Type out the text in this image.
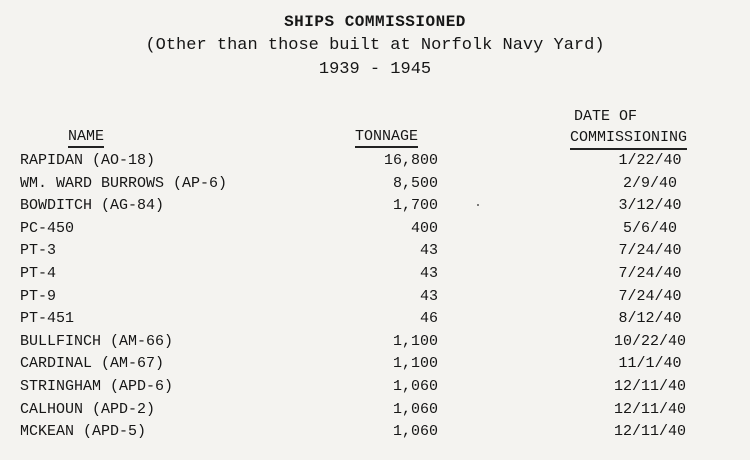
SHIPS COMMISSIONED
(Other than those built at Norfolk Navy Yard)
1939 - 1945
NAME	TONNAGE
DATE OF
COMMISSIONING
RAPIDAN (AO-18)	16,800	1/22/40
WM. WARD BURROWS (AP-6)	8,500	2/9/40
BOWDITCH (AG-84)	1,700	3/12/40
PC-450	400	5/6/40
PT-3	43	7/24/40
PT-4	43	7/24/40
PT-9	43	7/24/40
PT-451	46	8/12/40
BULLFINCH (AM-66)	1,100	10/22/40
CARDINAL (AM-67)	1,100	11/1/40
STRINGHAM (APD-6)	1,060	12/11/40
CALHOUN (APD-2)	1,060	12/11/40
MCKEAN (APD-5)	1,060	12/11/40
